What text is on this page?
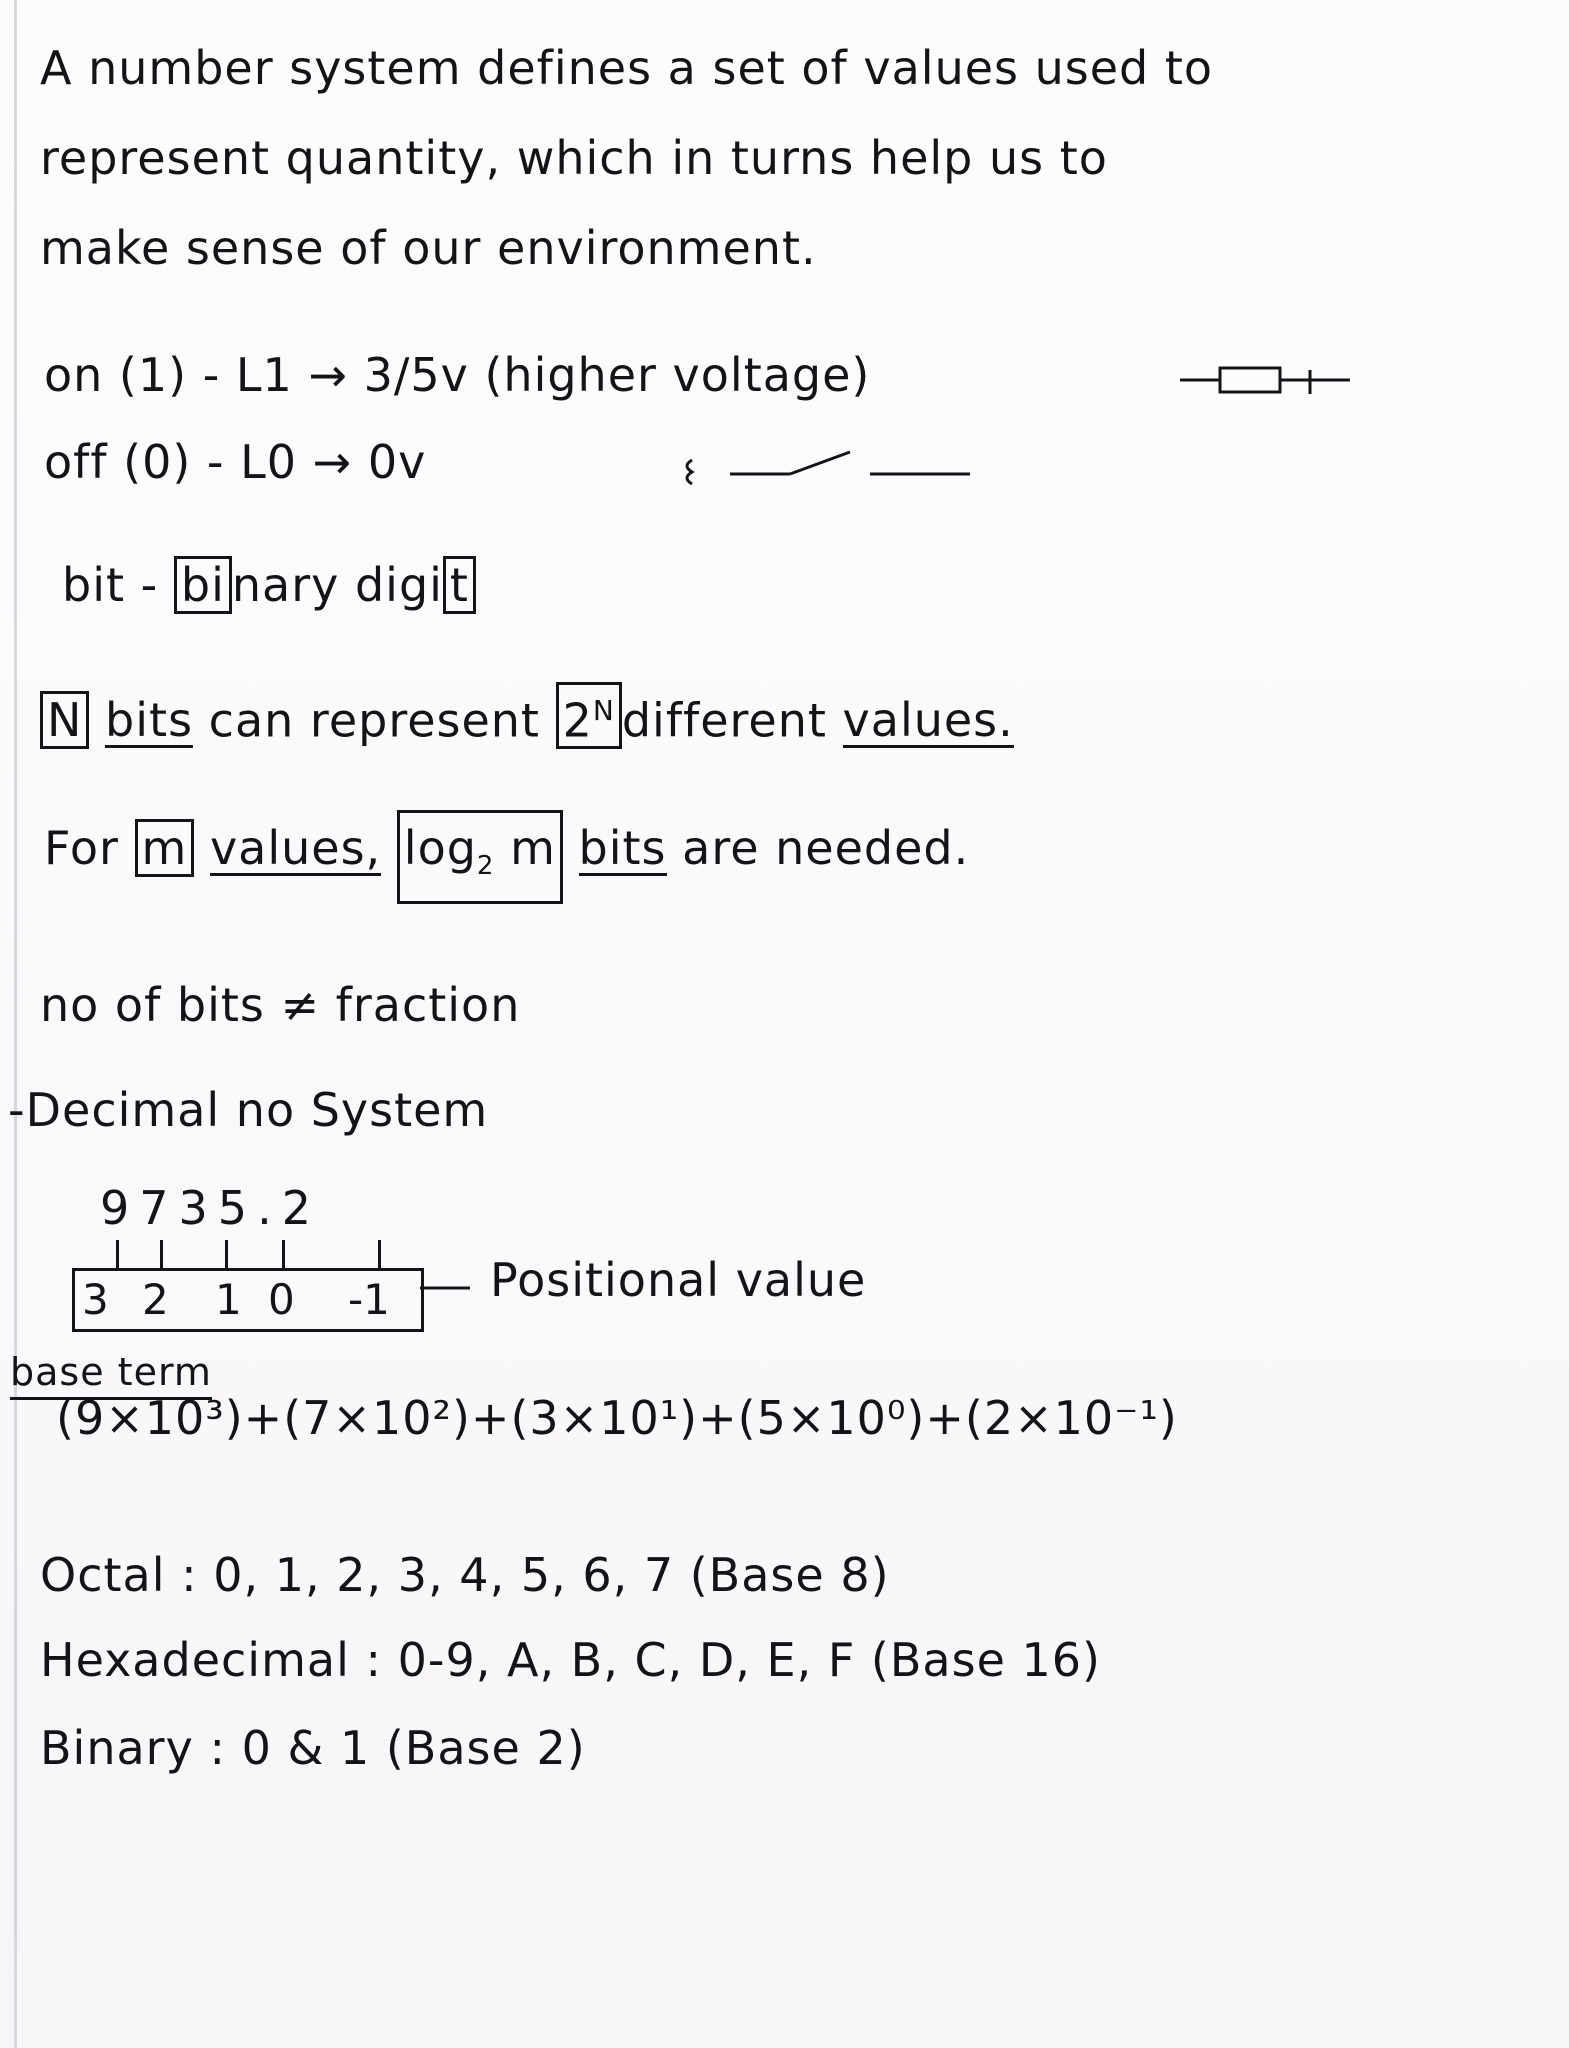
A number system defines a set of values used to
represent quantity, which in turns help us to
make sense of our environment.
on (1) - L1 → 3/5v (higher voltage)
off (0) - L0 → 0v
bit - bi nary digi t
N bits can represent $2^N$ different values.
For m values, $\log_2 m$ bits are needed.
no of bits ≠ fraction
-Decimal no System
9735.2
3 2 1 0 -1 Positional value
base term
(9×10³)+(7×10²)+(3×10¹)+(5×10⁰)+(2×10⁻¹)
Octal : 0, 1, 2, 3, 4, 5, 6, 7 (Base 8)
Hexadecimal : 0-9, A, B, C, D, E, F (Base 16)
Binary : 0 & 1 (Base 2)
